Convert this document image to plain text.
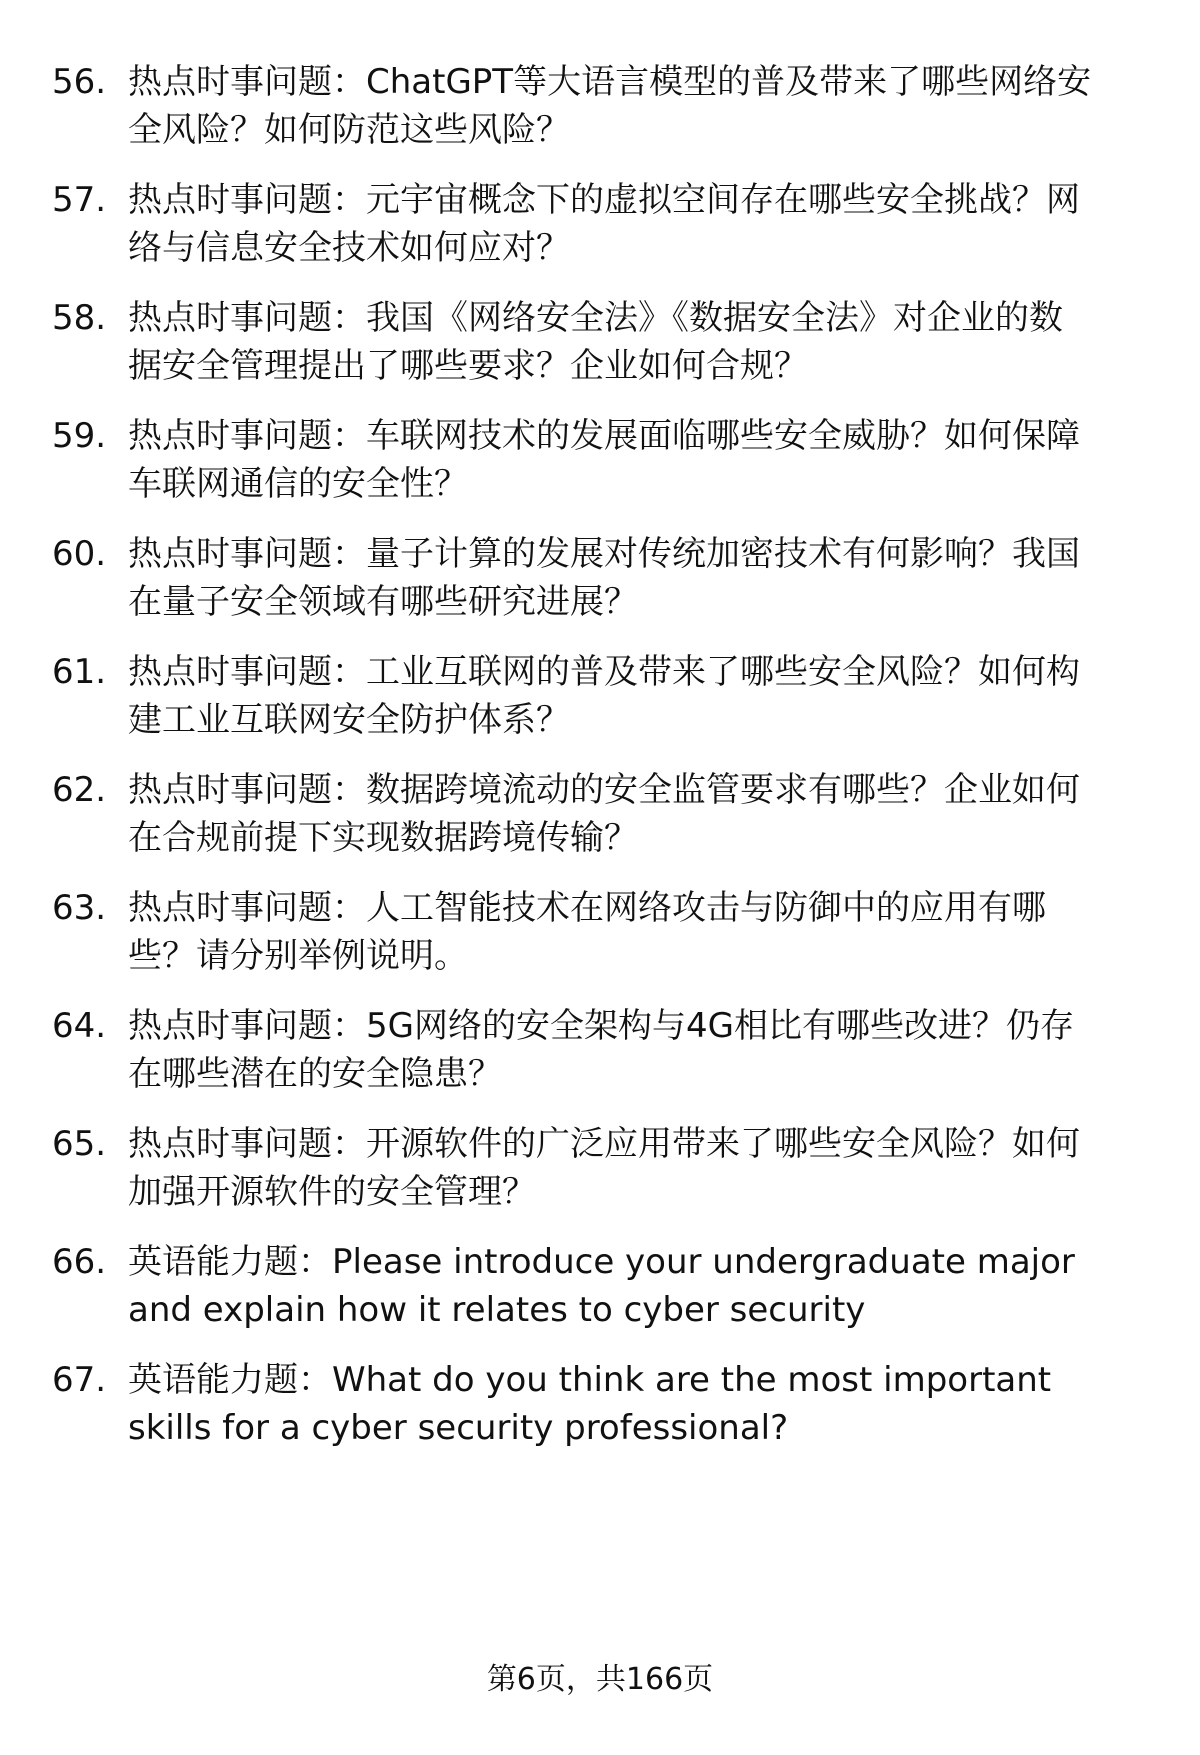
56. 热点时事问题：ChatGPT等大语言模型的普及带来了哪些网络安
全风险？如何防范这些风险？
57. 热点时事问题：元宇宙概念下的虚拟空间存在哪些安全挑战？网
络与信息安全技术如何应对？
58. 热点时事问题：我国《网络安全法》《数据安全法》对企业的数
据安全管理提出了哪些要求？企业如何合规？
59. 热点时事问题：车联网技术的发展面临哪些安全威胁？如何保障
车联网通信的安全性？
60. 热点时事问题：量子计算的发展对传统加密技术有何影响？我国
在量子安全领域有哪些研究进展？
61. 热点时事问题：工业互联网的普及带来了哪些安全风险？如何构
建工业互联网安全防护体系？
62. 热点时事问题：数据跨境流动的安全监管要求有哪些？企业如何
在合规前提下实现数据跨境传输？
63. 热点时事问题：人工智能技术在网络攻击与防御中的应用有哪
些？请分别举例说明。
64. 热点时事问题：5G网络的安全架构与4G相比有哪些改进？仍存
在哪些潜在的安全隐患？
65. 热点时事问题：开源软件的广泛应用带来了哪些安全风险？如何
加强开源软件的安全管理？
66. 英语能力题：Please introduce your undergraduate major
and explain how it relates to cyber security
67. 英语能力题：What do you think are the most important
skills for a cyber security professional?
第6页，共166页
